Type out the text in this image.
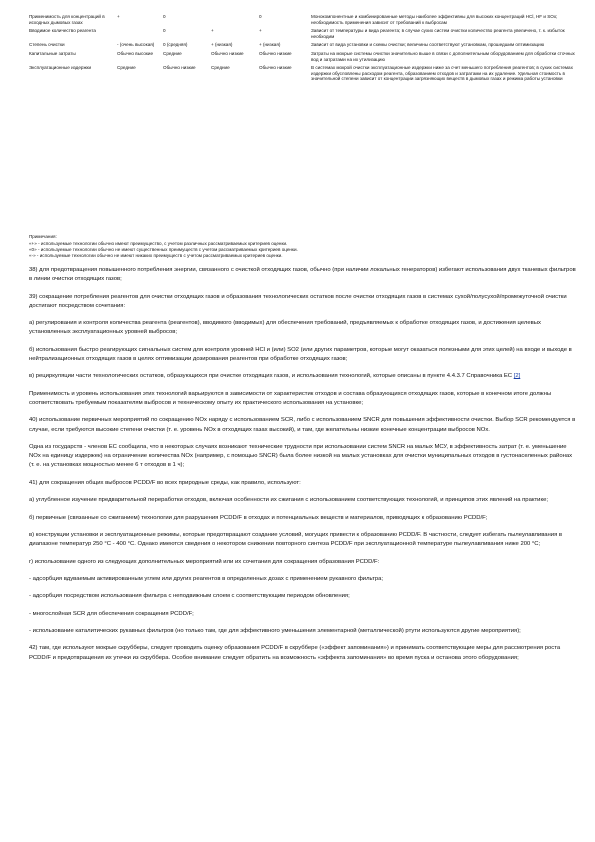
Применимость для концентраций в исходных дымовых газах	+	0		0	Монокомпонентные и комбинированные методы наиболее эффективны для высоких концентраций HCl, HF и SOx; необходимость применения зависит от требований к выбросам
Вводимое количество реагента		0	+	+	Зависит от температуры и вида реагента; в случае сухих систем очистки количество реагента увеличено, т. к. избыток необходим
Степень очистки	- (очень высокая)	0 (средняя)	+ (низкая)	+ (низкая)	Зависит от вида установки и схемы очистки; величины соответствуют установкам, прошедшим оптимизацию
Капитальные затраты	Обычно высокие	Средние	Обычно низкие	Обычно низкие	Затраты на мокрые системы очистки значительно выше в связи с дополнительным оборудованием для обработки сточных вод и затратами на их утилизацию
Эксплуатационные издержки	Средние	Обычно низкие	Средние	Обычно низкие	В системах мокрой очистки эксплуатационные издержки ниже за счет меньшего потребления реагентов; в сухих системах издержки обусловлены расходом реагента, образованием отходов и затратами на их удаление. Удельная стоимость в значительной степени зависит от концентрации загрязняющих веществ в дымовых газах и режима работы установки
Примечания:
«+» - используемые технологии обычно имеют преимущество, с учетом различных рассматриваемых критериев оценки.
«0» - используемые технологии обычно не имеют существенных преимуществ с учетом рассматриваемых критериев оценки.
«-» - используемые технологии обычно не имеют никаких преимуществ с учетом рассматриваемых критериев оценки.

38) для предотвращения повышенного потребления энергии, связанного с очисткой отходящих газов, обычно (при наличии локальных генераторов) избегают использования двух тканевых фильтров в линии очистки отходящих газов;

39) сокращение потребления реагентов для очистки отходящих газов и образования технологических остатков после очистки отходящих газов в системах сухой/полусухой/промежуточной очистки достигают посредством сочетания:

а) регулирования и контроля количества реагента (реагентов), вводимого (вводимых) для обеспечения требований, предъявляемых к обработке отходящих газов, и достижения целевых установленных эксплуатационных уровней выбросов;

б) использования быстро реагирующих сигнальных систем для контроля уровней HCl и (или) SO2 (или других параметров, которые могут оказаться полезными для этих целей) на входе и выходе в нейтрализационных отходящих газов в целях оптимизации дозирования реагентов при обработке отходящих газов;

в) рециркуляции части технологических остатков, образующихся при очистке отходящих газов, и использования технологий, которые описаны в пункте 4.4.3.7 Справочника ЕС [2]

Применимость и уровень использования этих технологий варьируются в зависимости от характеристик отходов и состава образующихся отходящих газов, которые в конечном итоге должны соответствовать требуемым показателям выбросов и техническому опыту их практического использования на установке;

40) использование первичных мероприятий по сокращению NOx наряду с использованием SCR, либо с использованием SNCR для повышения эффективности очистки. Выбор SCR рекомендуется в случае, если требуются высокие степени очистки (т. е. уровень NOx в отходящих газах высокий), и там, где желательны низкие конечные концентрации выбросов NOx.

Одна из государств - членов ЕС сообщила, что в некоторых случаях возникают технические трудности при использовании систем SNCR на малых МСУ, в эффективность затрат (т. е. уменьшение NOx на единицу издержек) на ограничение количества NOx (например, с помощью SNCR) была более низкой на малых установках для очистки муниципальных отходов в густонаселенных районах (т. е. на установках мощностью менее 6 т отходов в 1 ч);

41) для сокращения общих выбросов PCDD/F во всех природные среды, как правило, используют:

а) углубленное изучение предварительной переработки отходов, включая особенности их сжигания с использованием соответствующих технологий, и принципов этих явлений на практике;

б) первичные (связанные со сжиганием) технологии для разрушения PCDD/F в отходах и потенциальных веществ и материалов, приводящих к образованию PCDD/F;

в) конструкции установки и эксплуатационные режимы, которые предотвращают создание условий, могущих привести к образованию PCDD/F. В частности, следует избегать пылеулавливания в диапазоне температур 250 °C - 400 °C. Однако имеются сведения о некотором снижении повторного синтеза PCDD/F при эксплуатационной температуре пылеулавливания ниже 200 °C;

г) использование одного из следующих дополнительных мероприятий или их сочетания для сокращения образования PCDD/F:

- адсорбция вдуваемым активированным углем или других реагентов в определенных дозах с применением рукавного фильтра;

- адсорбция посредством использования фильтра с неподвижным слоем с соответствующим периодом обновления;

- многослойная SCR для обеспечения сокращения PCDD/F;

- использование каталитических рукавных фильтров (но только там, где для эффективного уменьшения элементарной (металлической) ртути используются другие мероприятия);

42) там, где используют мокрые скрубберы, следует проводить оценку образования PCDD/F в скруббере («эффект запоминания») и принимать соответствующие меры для рассмотрения роста PCDD/F и предотвращения их утечки из скруббера. Особое внимание следует обратить на возможность «эффекта запоминания» во время пуска и останова этого оборудования;
